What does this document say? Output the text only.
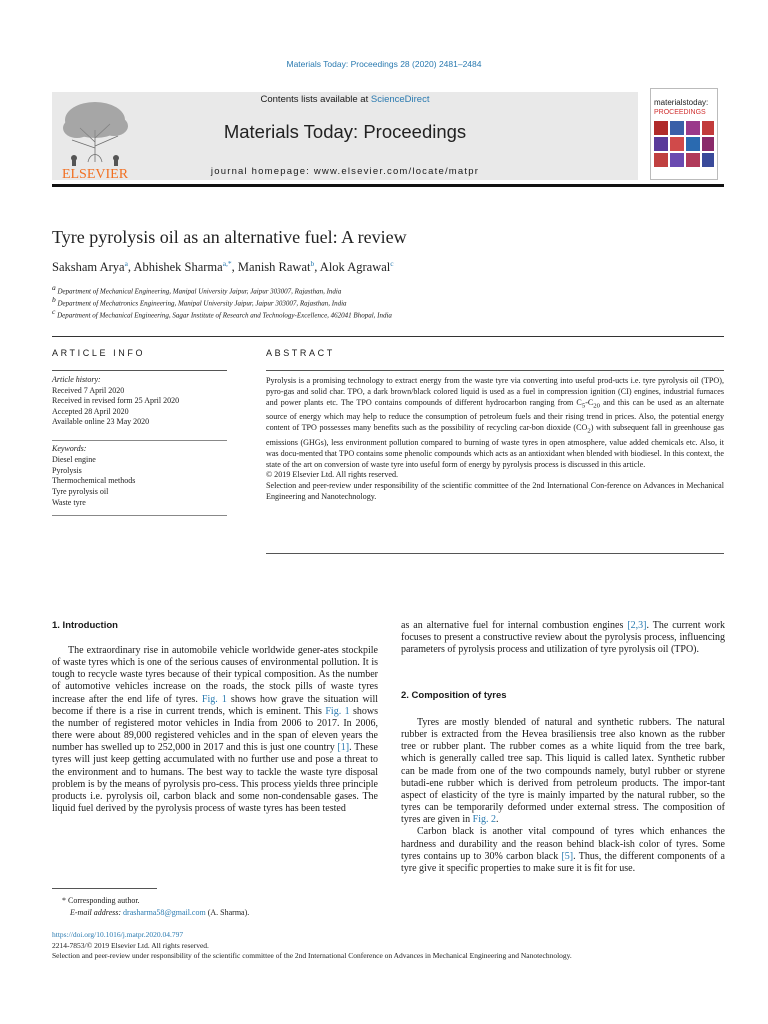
Materials Today: Proceedings 28 (2020) 2481–2484
ELSEVIER
Contents lists available at ScienceDirect
Materials Today: Proceedings
journal homepage: www.elsevier.com/locate/matpr
materialstoday:
PROCEEDINGS
Tyre pyrolysis oil as an alternative fuel: A review
Saksham Arya$^a$, Abhishek Sharma$^{a,*}$, Manish Rawat$^b$, Alok Agrawal$^c$
a Department of Mechanical Engineering, Manipal University Jaipur, Jaipur 303007, Rajasthan, India
b Department of Mechatronics Engineering, Manipal University Jaipur, Jaipur 303007, Rajasthan, India
c Department of Mechanical Engineering, Sagar Institute of Research and Technology-Excellence, 462041 Bhopal, India
ARTICLE INFO	ABSTRACT
Article history:
Received 7 April 2020
Received in revised form 25 April 2020
Accepted 28 April 2020
Available online 23 May 2020
Keywords:
Diesel engine
Pyrolysis
Thermochemical methods
Tyre pyrolysis oil
Waste tyre
Pyrolysis is a promising technology to extract energy from the waste tyre via converting into useful prod-ucts i.e. tyre pyrolysis oil (TPO), pyro-gas and solid char. TPO, a dark brown/black colored liquid is used as a fuel in compression ignition (CI) engines, industrial furnaces and power plants etc. The TPO contains compounds of different hydrocarbon ranging from $C_5-C_{20}$ and this can be used as an alternate source of energy which may help to reduce the consumption of petroleum fuels and their rising trend in prices. Also, the potential energy content of TPO possesses many benefits such as the possibility of recycling car-bon dioxide $(CO_2)$ with subsequent fall in greenhouse gas emissions (GHGs), less environment pollution compared to burning of waste tyres in open atmosphere, value added chemicals etc. Also, it was docu-mented that TPO contains some phenolic compounds which acts as an antioxidant when blended with biodiesel. In this context, the state of the art on conversion of waste tyre into useful form of energy by pyrolysis process is discussed in this article.
© 2019 Elsevier Ltd. All rights reserved.
Selection and peer-review under responsibility of the scientific committee of the 2nd International Con-ference on Advances in Mechanical Engineering and Nanotechnology.
1. Introduction

The extraordinary rise in automobile vehicle worldwide gener-ates stockpile of waste tyres which is one of the serious causes of environmental pollution. It is tough to recycle waste tyres because of their typical composition. As the number of automotive vehicles increase on the roads, the stock pills of waste tyres increase after the end life of tyres. Fig. 1 shows how grave the situation will become if there is a rise in current trends, which is eminent. This Fig. 1 shows the number of registered motor vehicles in India from 2006 to 2017. In 2006, there were about 89,000 registered vehicles and in the span of eleven years the number has swelled up to 252,000 in 2017 and this is just one country [1]. These tyres will just keep getting accumulated with no further use and pose a threat to the environment and to humans. The best way to tackle the waste tyre disposal problem is by the means of pyrolysis pro-cess. This process yields three principle products i.e. pyrolysis oil, carbon black and some non-condensable gases. The liquid fuel derived by the pyrolysis process of waste tyres has been tested

as an alternative fuel for internal combustion engines [2,3]. The current work focuses to present a constructive review about the pyrolysis process, influencing parameters of pyrolysis process and utilization of tyre pyrolysis oil (TPO).

2. Composition of tyres

Tyres are mostly blended of natural and synthetic rubbers. The natural rubber is extracted from the Hevea brasiliensis tree also known as the rubber tree or rubber plant. The rubber comes as a white liquid from the tree bark, which is generally called tree sap. This liquid is called latex. Synthetic rubber can be made from one of the two compounds namely, butyl rubber or styrene butadi-ene rubber which is derived from petroleum products. The impor-tant aspect of elasticity of the tyre is mainly imparted by the natural rubber, so the tyres can be temporarily deformed under external stress. The composition of tyres are given in Fig. 2.

Carbon black is another vital compound of tyres which enhances the hardness and durability and the reason behind black-ish color of tyres. Some tyres contains up to 30% carbon black [5]. Thus, the different components of a tyre give it specific properties to make sure it is fit for use.

* Corresponding author.
E-mail address: drasharma58@gmail.com (A. Sharma).
https://doi.org/10.1016/j.matpr.2020.04.797
2214-7853/© 2019 Elsevier Ltd. All rights reserved.
Selection and peer-review under responsibility of the scientific committee of the 2nd International Conference on Advances in Mechanical Engineering and Nanotechnology.
